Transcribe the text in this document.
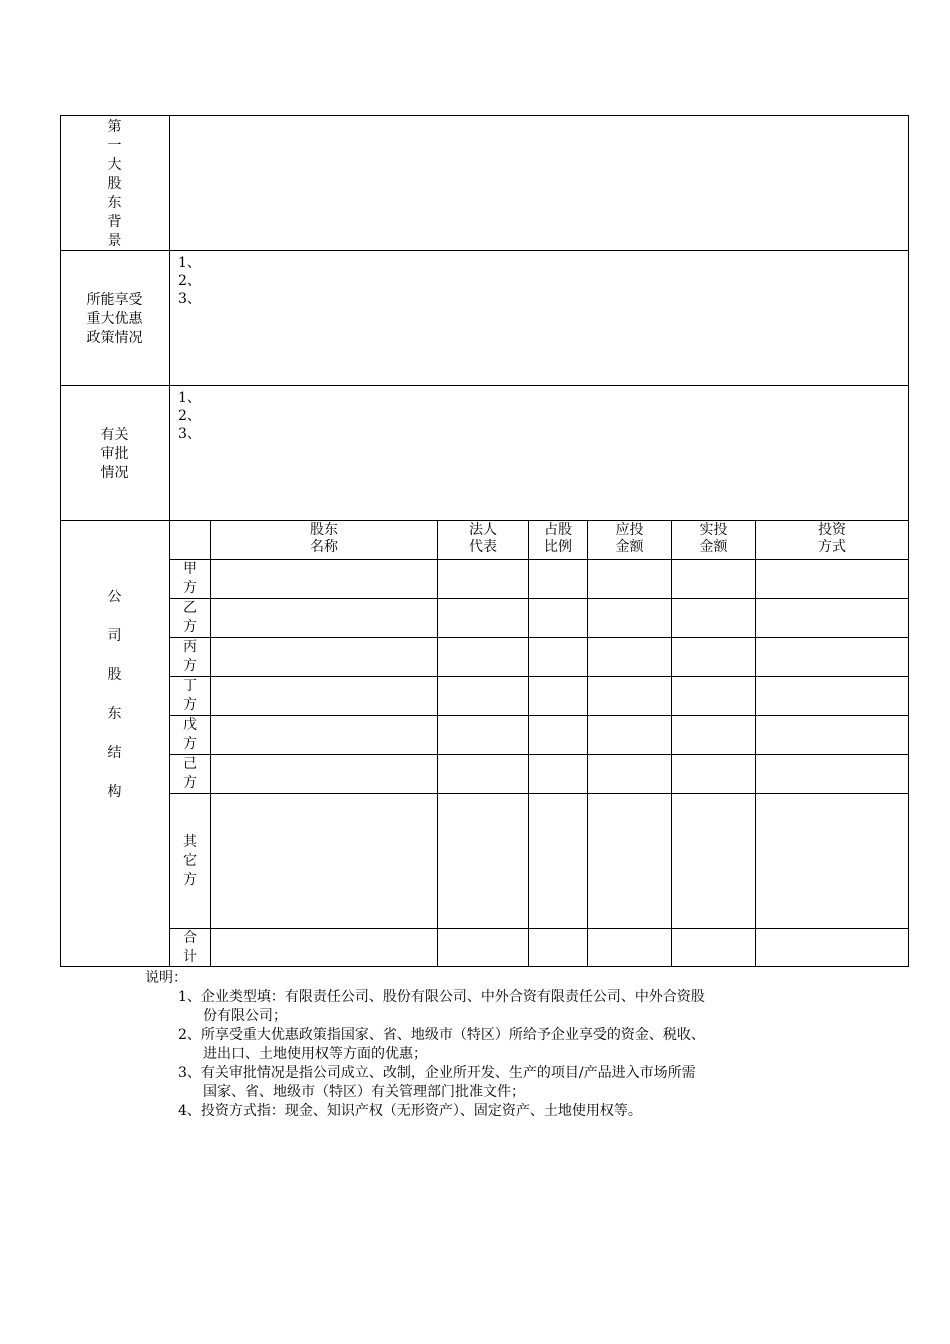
第
一
大
股
东
背
景
所能享受
重大优惠
政策情况
1、
2、
3、
有关
审批
情况
1、
2、
3、
公
司
股
东
结
构
股东
名称
法人
代表
占股
比例
应投
金额
实投
金额
投资
方式
甲
方
乙
方
丙
方
丁
方
戊
方
己
方
其
它
方
合
计
说明：
1、企业类型填：有限责任公司、股份有限公司、中外合资有限责任公司、中外合资股
份有限公司；
2、所享受重大优惠政策指国家、省、地级市（特区）所给予企业享受的资金、税收、
进出口、土地使用权等方面的优惠；
3、有关审批情况是指公司成立、改制，企业所开发、生产的项目/产品进入市场所需
国家、省、地级市（特区）有关管理部门批准文件；
4、投资方式指：现金、知识产权（无形资产）、固定资产、土地使用权等。
